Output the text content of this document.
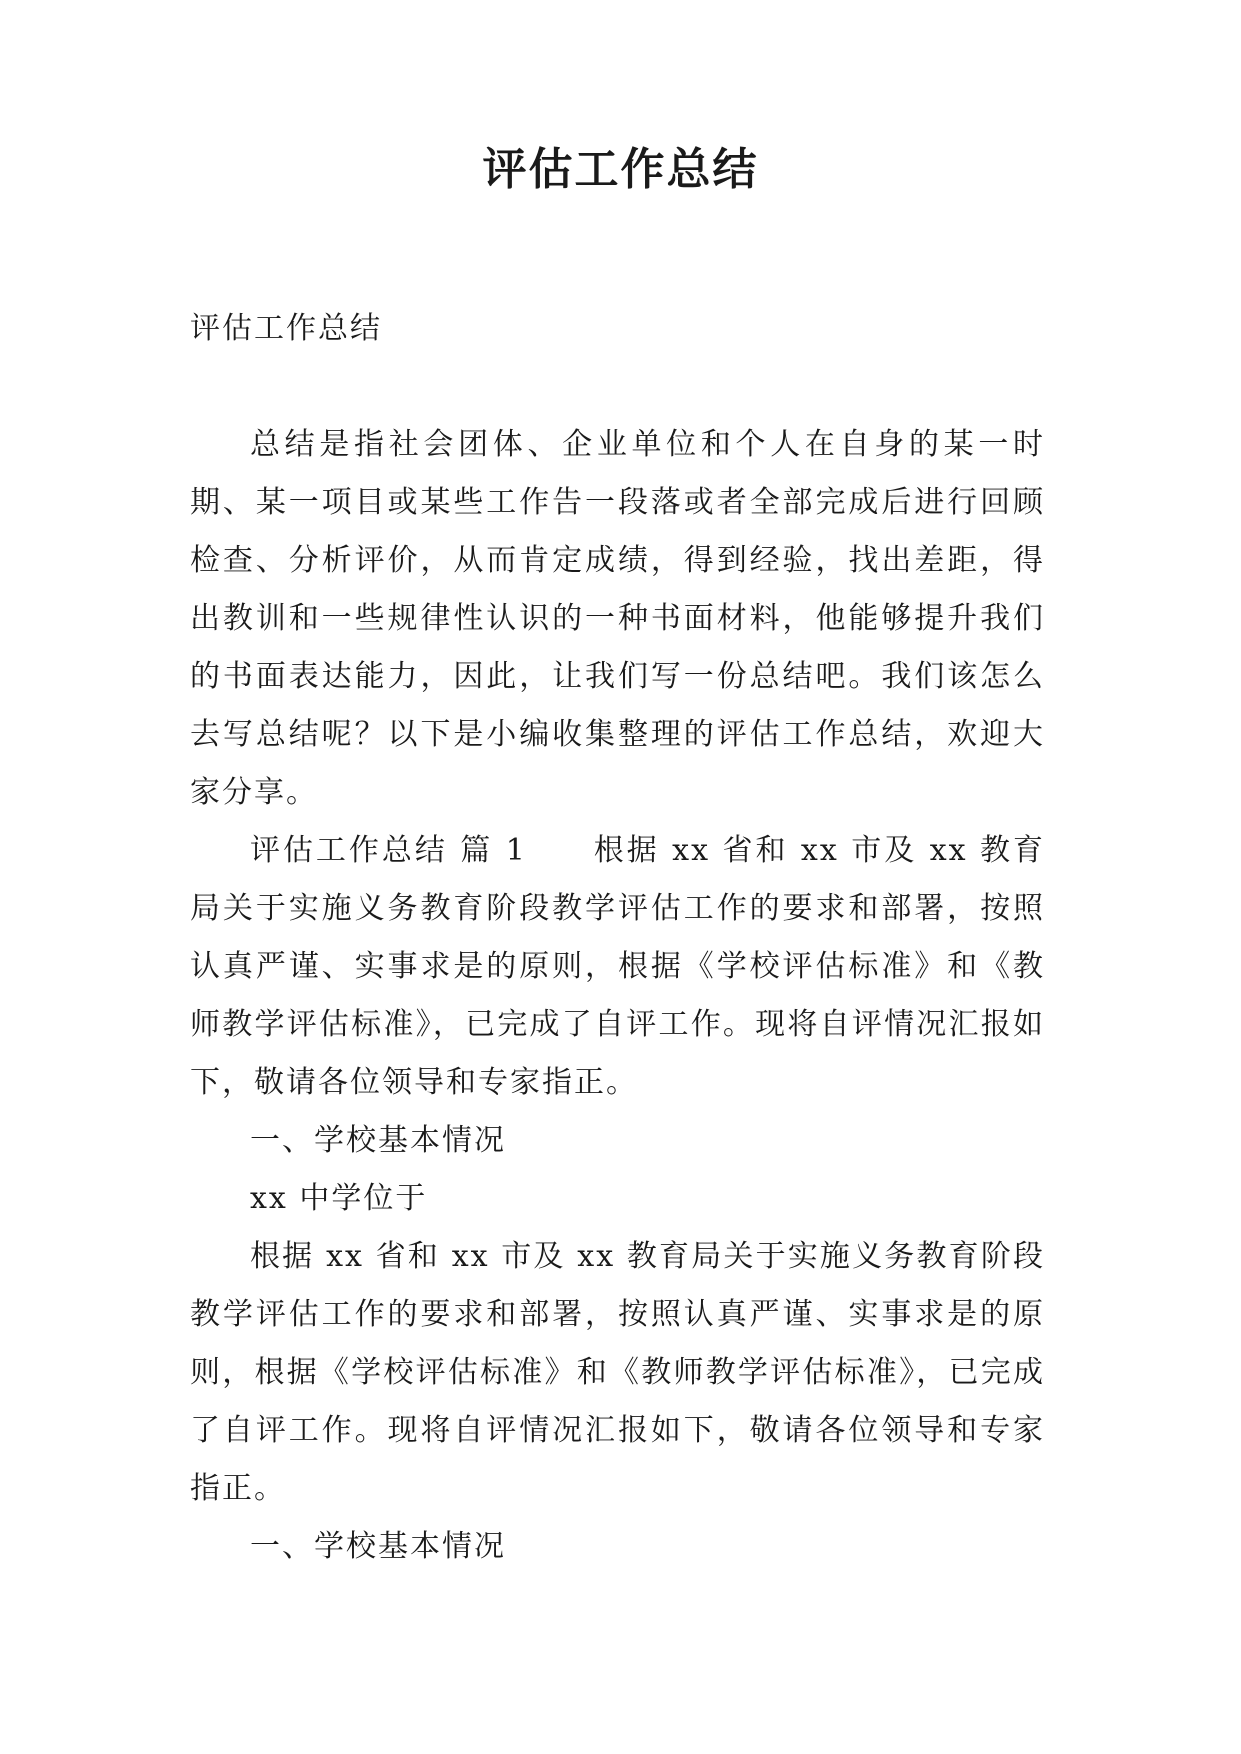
评估工作总结

评估工作总结

总结是指社会团体、企业单位和个人在自身的某一时期、某一项目或某些工作告一段落或者全部完成后进行回顾检查、分析评价，从而肯定成绩，得到经验，找出差距，得出教训和一些规律性认识的一种书面材料，他能够提升我们的书面表达能力，因此，让我们写一份总结吧。我们该怎么去写总结呢？以下是小编收集整理的评估工作总结，欢迎大家分享。

评估工作总结 篇 1　　根据 xx 省和 xx 市及 xx 教育局关于实施义务教育阶段教学评估工作的要求和部署，按照认真严谨、实事求是的原则，根据《学校评估标准》和《教师教学评估标准》，已完成了自评工作。现将自评情况汇报如下，敬请各位领导和专家指正。

一、学校基本情况

xx 中学位于

根据 xx 省和 xx 市及 xx 教育局关于实施义务教育阶段教学评估工作的要求和部署，按照认真严谨、实事求是的原则，根据《学校评估标准》和《教师教学评估标准》，已完成了自评工作。现将自评情况汇报如下，敬请各位领导和专家指正。

一、学校基本情况
